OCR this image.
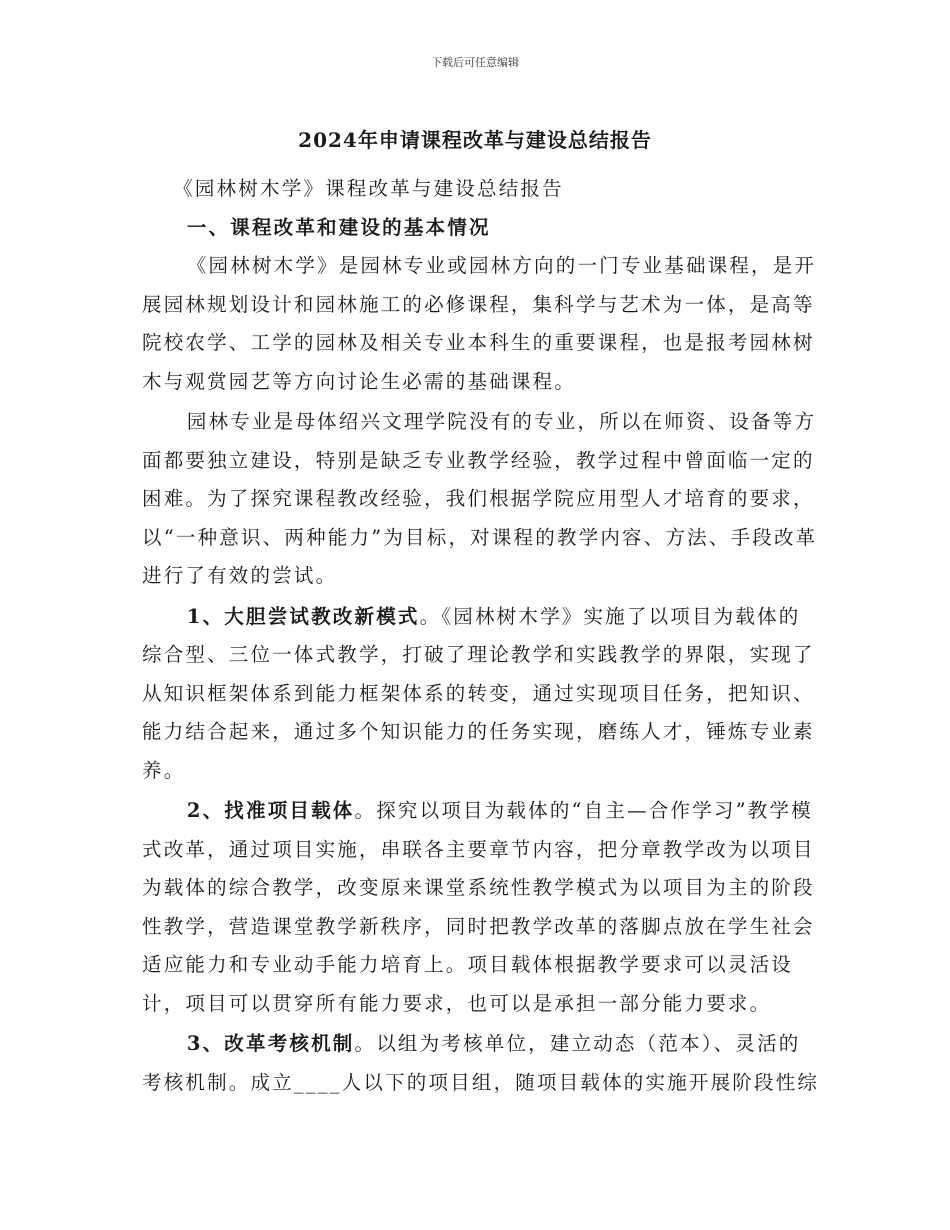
下载后可任意编辑
2024年申请课程改革与建设总结报告

《园林树木学》课程改革与建设总结报告

一、课程改革和建设的基本情况

《园林树木学》是园林专业或园林方向的一门专业基础课程，是开展园林规划设计和园林施工的必修课程，集科学与艺术为一体，是高等院校农学、工学的园林及相关专业本科生的重要课程，也是报考园林树木与观赏园艺等方向讨论生必需的基础课程。

园林专业是母体绍兴文理学院没有的专业，所以在师资、设备等方面都要独立建设，特别是缺乏专业教学经验，教学过程中曾面临一定的困难。为了探究课程教改经验，我们根据学院应用型人才培育的要求，以“一种意识、两种能力”为目标，对课程的教学内容、方法、手段改革进行了有效的尝试。

1、大胆尝试教改新模式。《园林树木学》实施了以项目为载体的综合型、三位一体式教学，打破了理论教学和实践教学的界限，实现了从知识框架体系到能力框架体系的转变，通过实现项目任务，把知识、能力结合起来，通过多个知识能力的任务实现，磨练人才，锤炼专业素养。

2、找准项目载体。探究以项目为载体的“自主—合作学习”教学模式改革，通过项目实施，串联各主要章节内容，把分章教学改为以项目为载体的综合教学，改变原来课堂系统性教学模式为以项目为主的阶段性教学，营造课堂教学新秩序，同时把教学改革的落脚点放在学生社会适应能力和专业动手能力培育上。项目载体根据教学要求可以灵活设计，项目可以贯穿所有能力要求，也可以是承担一部分能力要求。

3、改革考核机制。以组为考核单位，建立动态（范本）、灵活的考核机制。成立____人以下的项目组，随项目载体的实施开展阶段性综
